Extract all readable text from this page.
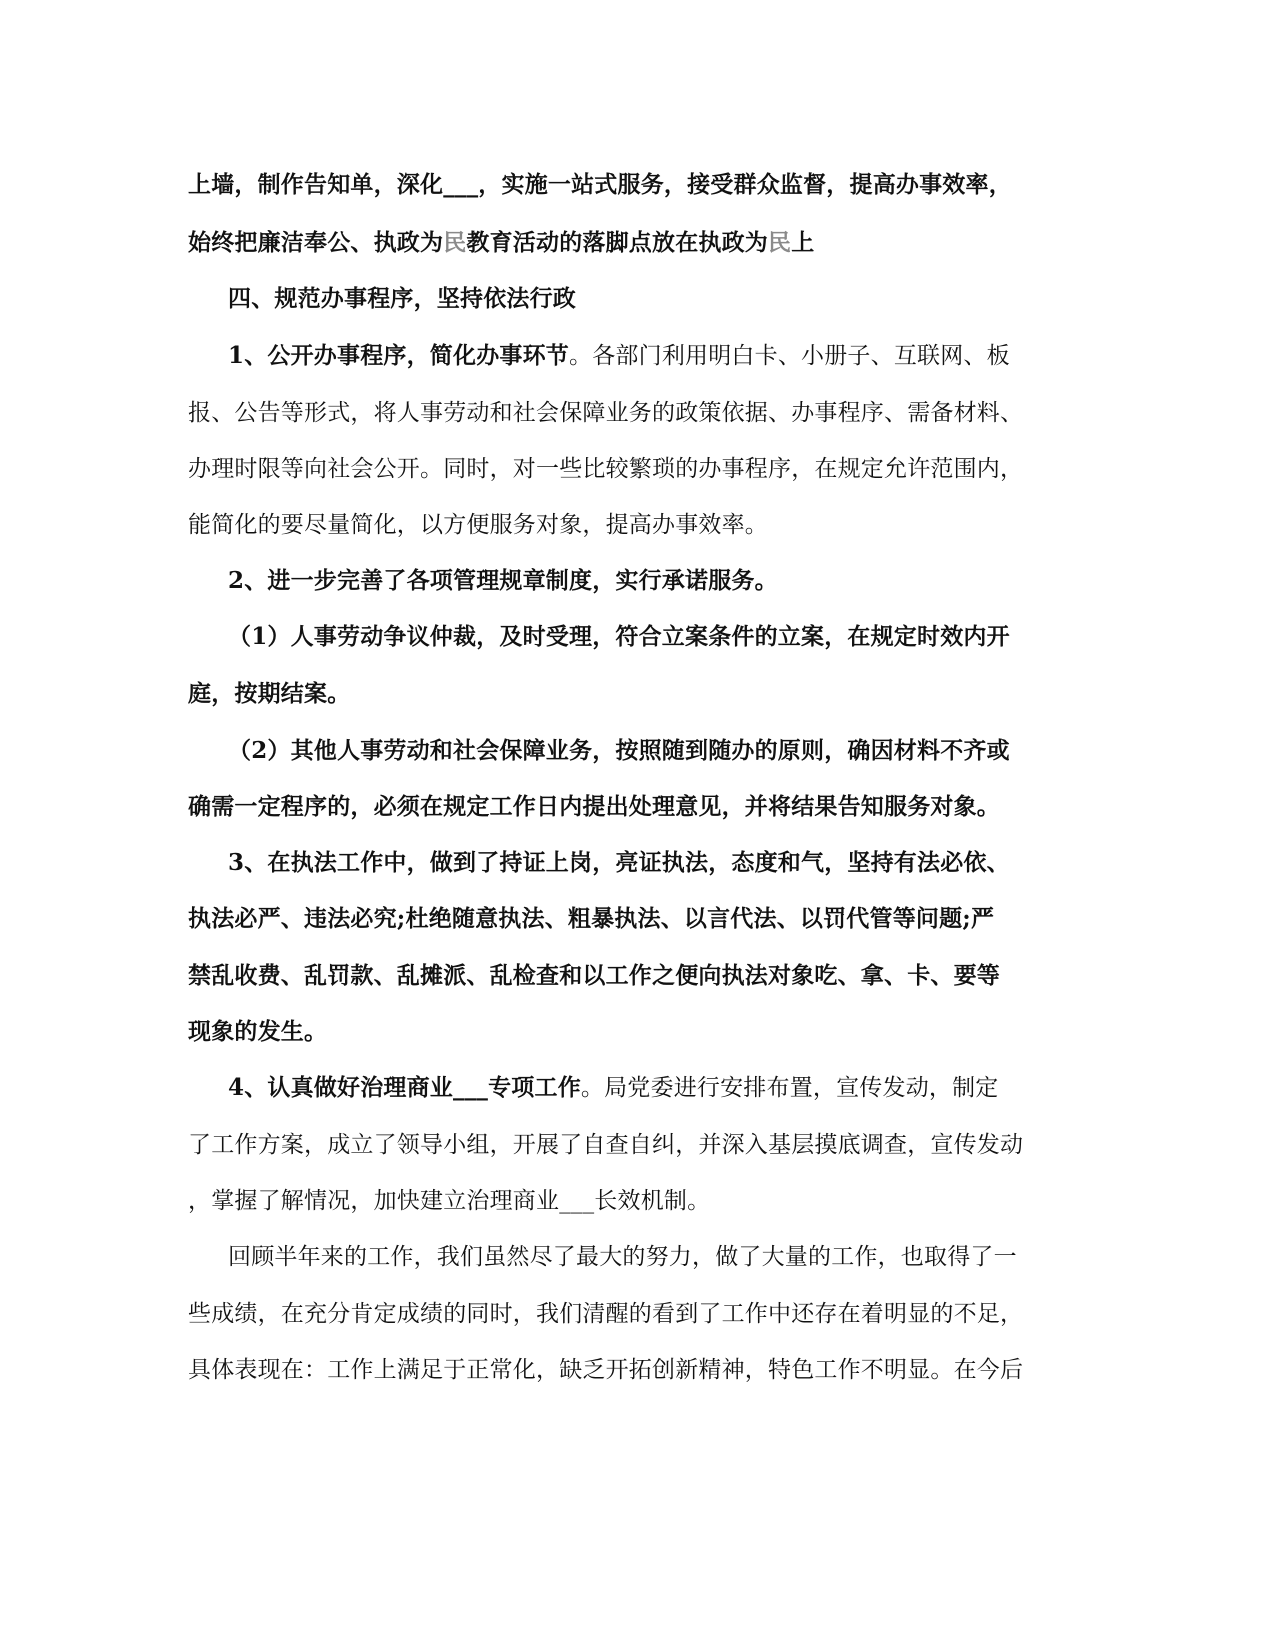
上墙，制作告知单，深化___，实施一站式服务，接受群众监督，提高办事效率，
始终把廉洁奉公、执政为民教育活动的落脚点放在执政为民上
四、规范办事程序，坚持依法行政
1、公开办事程序，简化办事环节。各部门利用明白卡、小册子、互联网、板
报、公告等形式，将人事劳动和社会保障业务的政策依据、办事程序、需备材料、
办理时限等向社会公开。同时，对一些比较繁琐的办事程序，在规定允许范围内，
能简化的要尽量简化，以方便服务对象，提高办事效率。
2、进一步完善了各项管理规章制度，实行承诺服务。
（1）人事劳动争议仲裁，及时受理，符合立案条件的立案，在规定时效内开
庭，按期结案。
（2）其他人事劳动和社会保障业务，按照随到随办的原则，确因材料不齐或
确需一定程序的，必须在规定工作日内提出处理意见，并将结果告知服务对象。
3、在执法工作中，做到了持证上岗，亮证执法，态度和气，坚持有法必依、
执法必严、违法必究;杜绝随意执法、粗暴执法、以言代法、以罚代管等问题;严
禁乱收费、乱罚款、乱摊派、乱检查和以工作之便向执法对象吃、拿、卡、要等
现象的发生。
4、认真做好治理商业___专项工作。局党委进行安排布置，宣传发动，制定
了工作方案，成立了领导小组，开展了自查自纠，并深入基层摸底调查，宣传发动
，掌握了解情况，加快建立治理商业___长效机制。
回顾半年来的工作，我们虽然尽了最大的努力，做了大量的工作，也取得了一
些成绩，在充分肯定成绩的同时，我们清醒的看到了工作中还存在着明显的不足，
具体表现在：工作上满足于正常化，缺乏开拓创新精神，特色工作不明显。在今后
